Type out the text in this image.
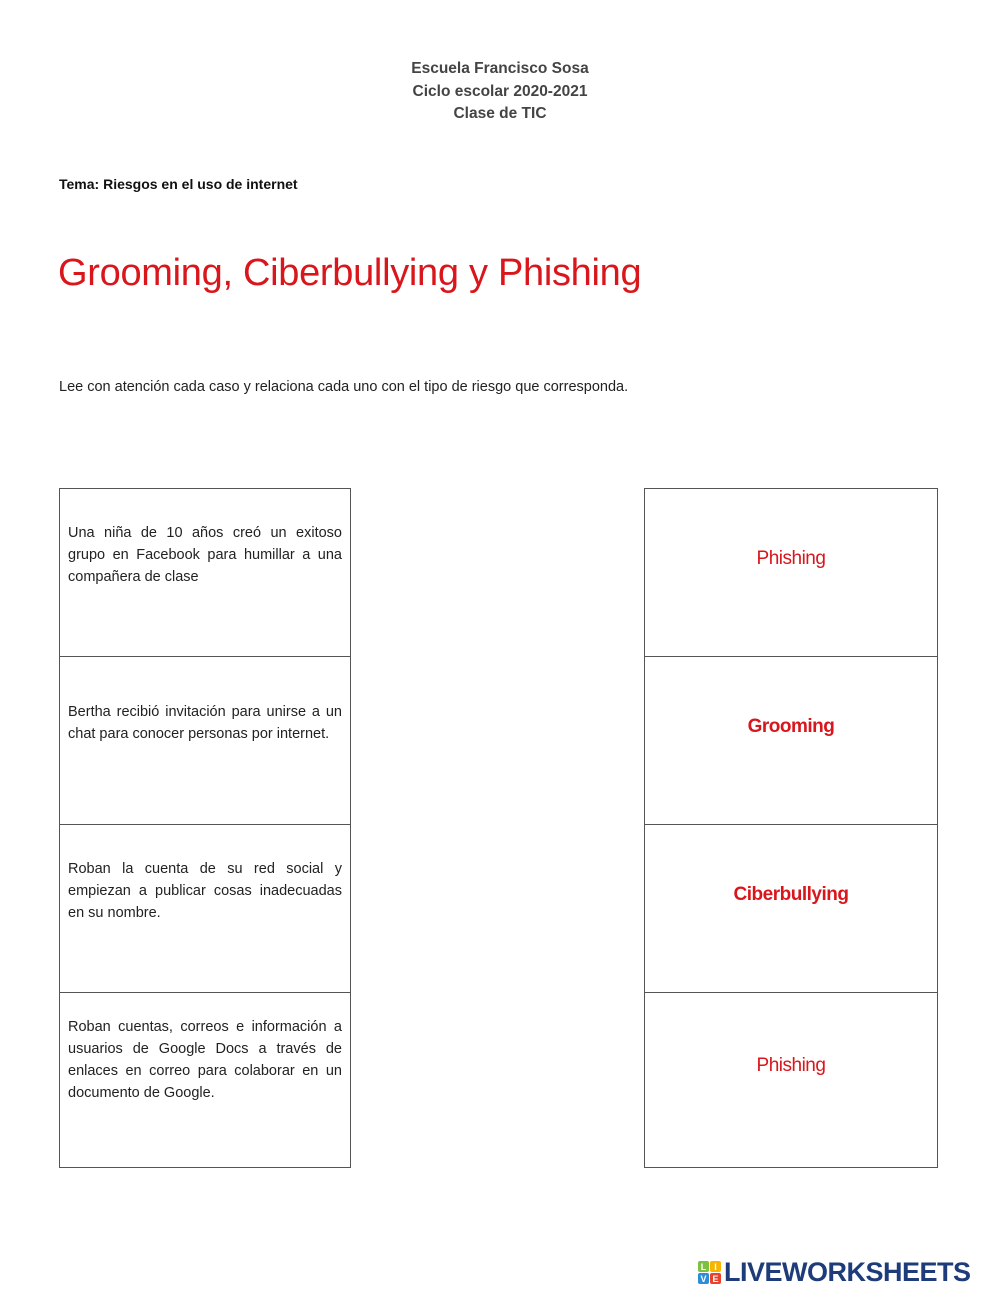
Escuela Francisco Sosa
Ciclo escolar 2020-2021
Clase de TIC
Tema: Riesgos en el uso de internet
Grooming, Ciberbullying y Phishing
Lee con atención cada caso y relaciona cada uno con el tipo de riesgo que corresponda.
Una niña de 10 años creó un exitoso grupo en Facebook para humillar a una compañera de clase
Bertha recibió invitación para unirse a un chat para conocer personas por internet.
Roban la cuenta de su red social y empiezan a publicar cosas inadecuadas en su nombre.
Roban cuentas, correos e información a usuarios de Google Docs a través de enlaces en correo para colaborar en un documento de Google.
Phishing
Grooming
Ciberbullying
Phishing
L I
V E LIVEWORKSHEETS
